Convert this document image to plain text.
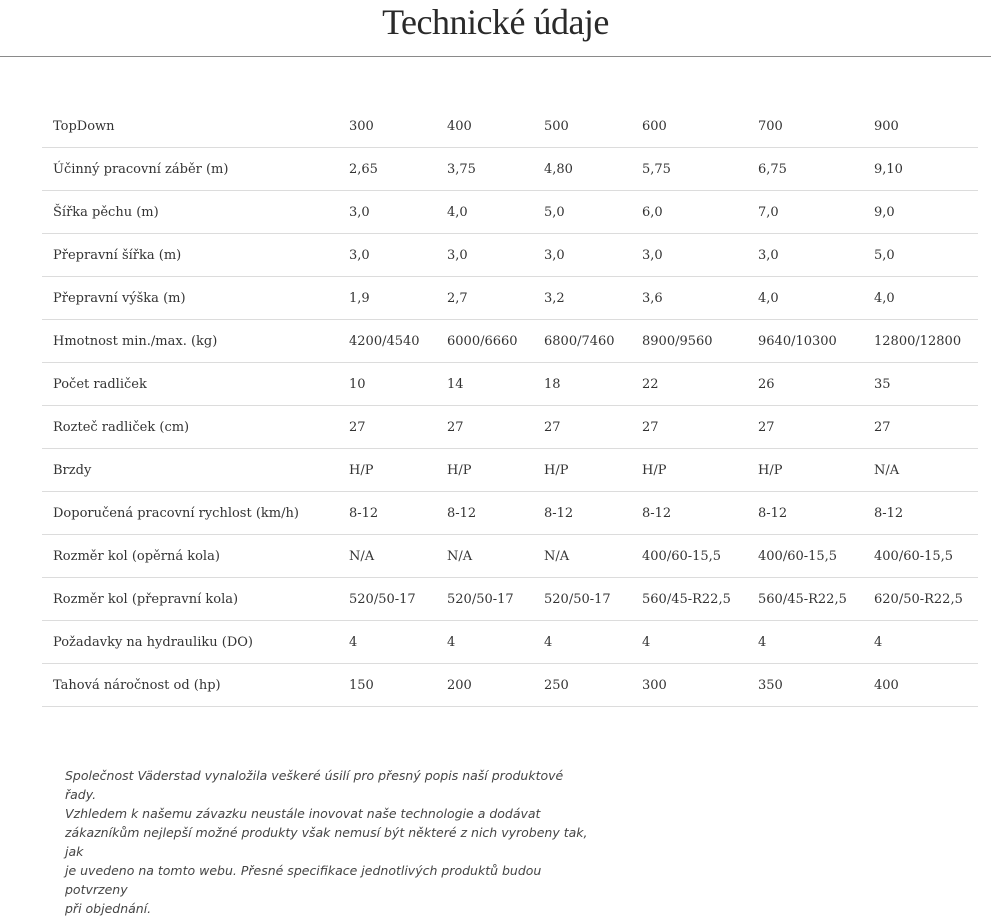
Technické údaje
TopDown	300	400	500	600	700	900
Účinný pracovní záběr (m)	2,65	3,75	4,80	5,75	6,75	9,10
Šířka pěchu (m)	3,0	4,0	5,0	6,0	7,0	9,0
Přepravní šířka (m)	3,0	3,0	3,0	3,0	3,0	5,0
Přepravní výška (m)	1,9	2,7	3,2	3,6	4,0	4,0
Hmotnost min./max. (kg)	4200/4540	6000/6660	6800/7460	8900/9560	9640/10300	12800/12800
Počet radliček	10	14	18	22	26	35
Rozteč radliček (cm)	27	27	27	27	27	27
Brzdy	H/P	H/P	H/P	H/P	H/P	N/A
Doporučená pracovní rychlost (km/h)	8-12	8-12	8-12	8-12	8-12	8-12
Rozměr kol (opěrná kola)	N/A	N/A	N/A	400/60-15,5	400/60-15,5	400/60-15,5
Rozměr kol (přepravní kola)	520/50-17	520/50-17	520/50-17	560/45-R22,5	560/45-R22,5	620/50-R22,5
Požadavky na hydrauliku (DO)	4	4	4	4	4	4
Tahová náročnost od (hp)	150	200	250	300	350	400

Společnost Väderstad vynaložila veškeré úsilí pro přesný popis naší produktové řady.
Vzhledem k našemu závazku neustále inovovat naše technologie a dodávat
zákazníkům nejlepší možné produkty však nemusí být některé z nich vyrobeny tak, jak
je uvedeno na tomto webu. Přesné specifikace jednotlivých produktů budou potvrzeny
při objednání.
